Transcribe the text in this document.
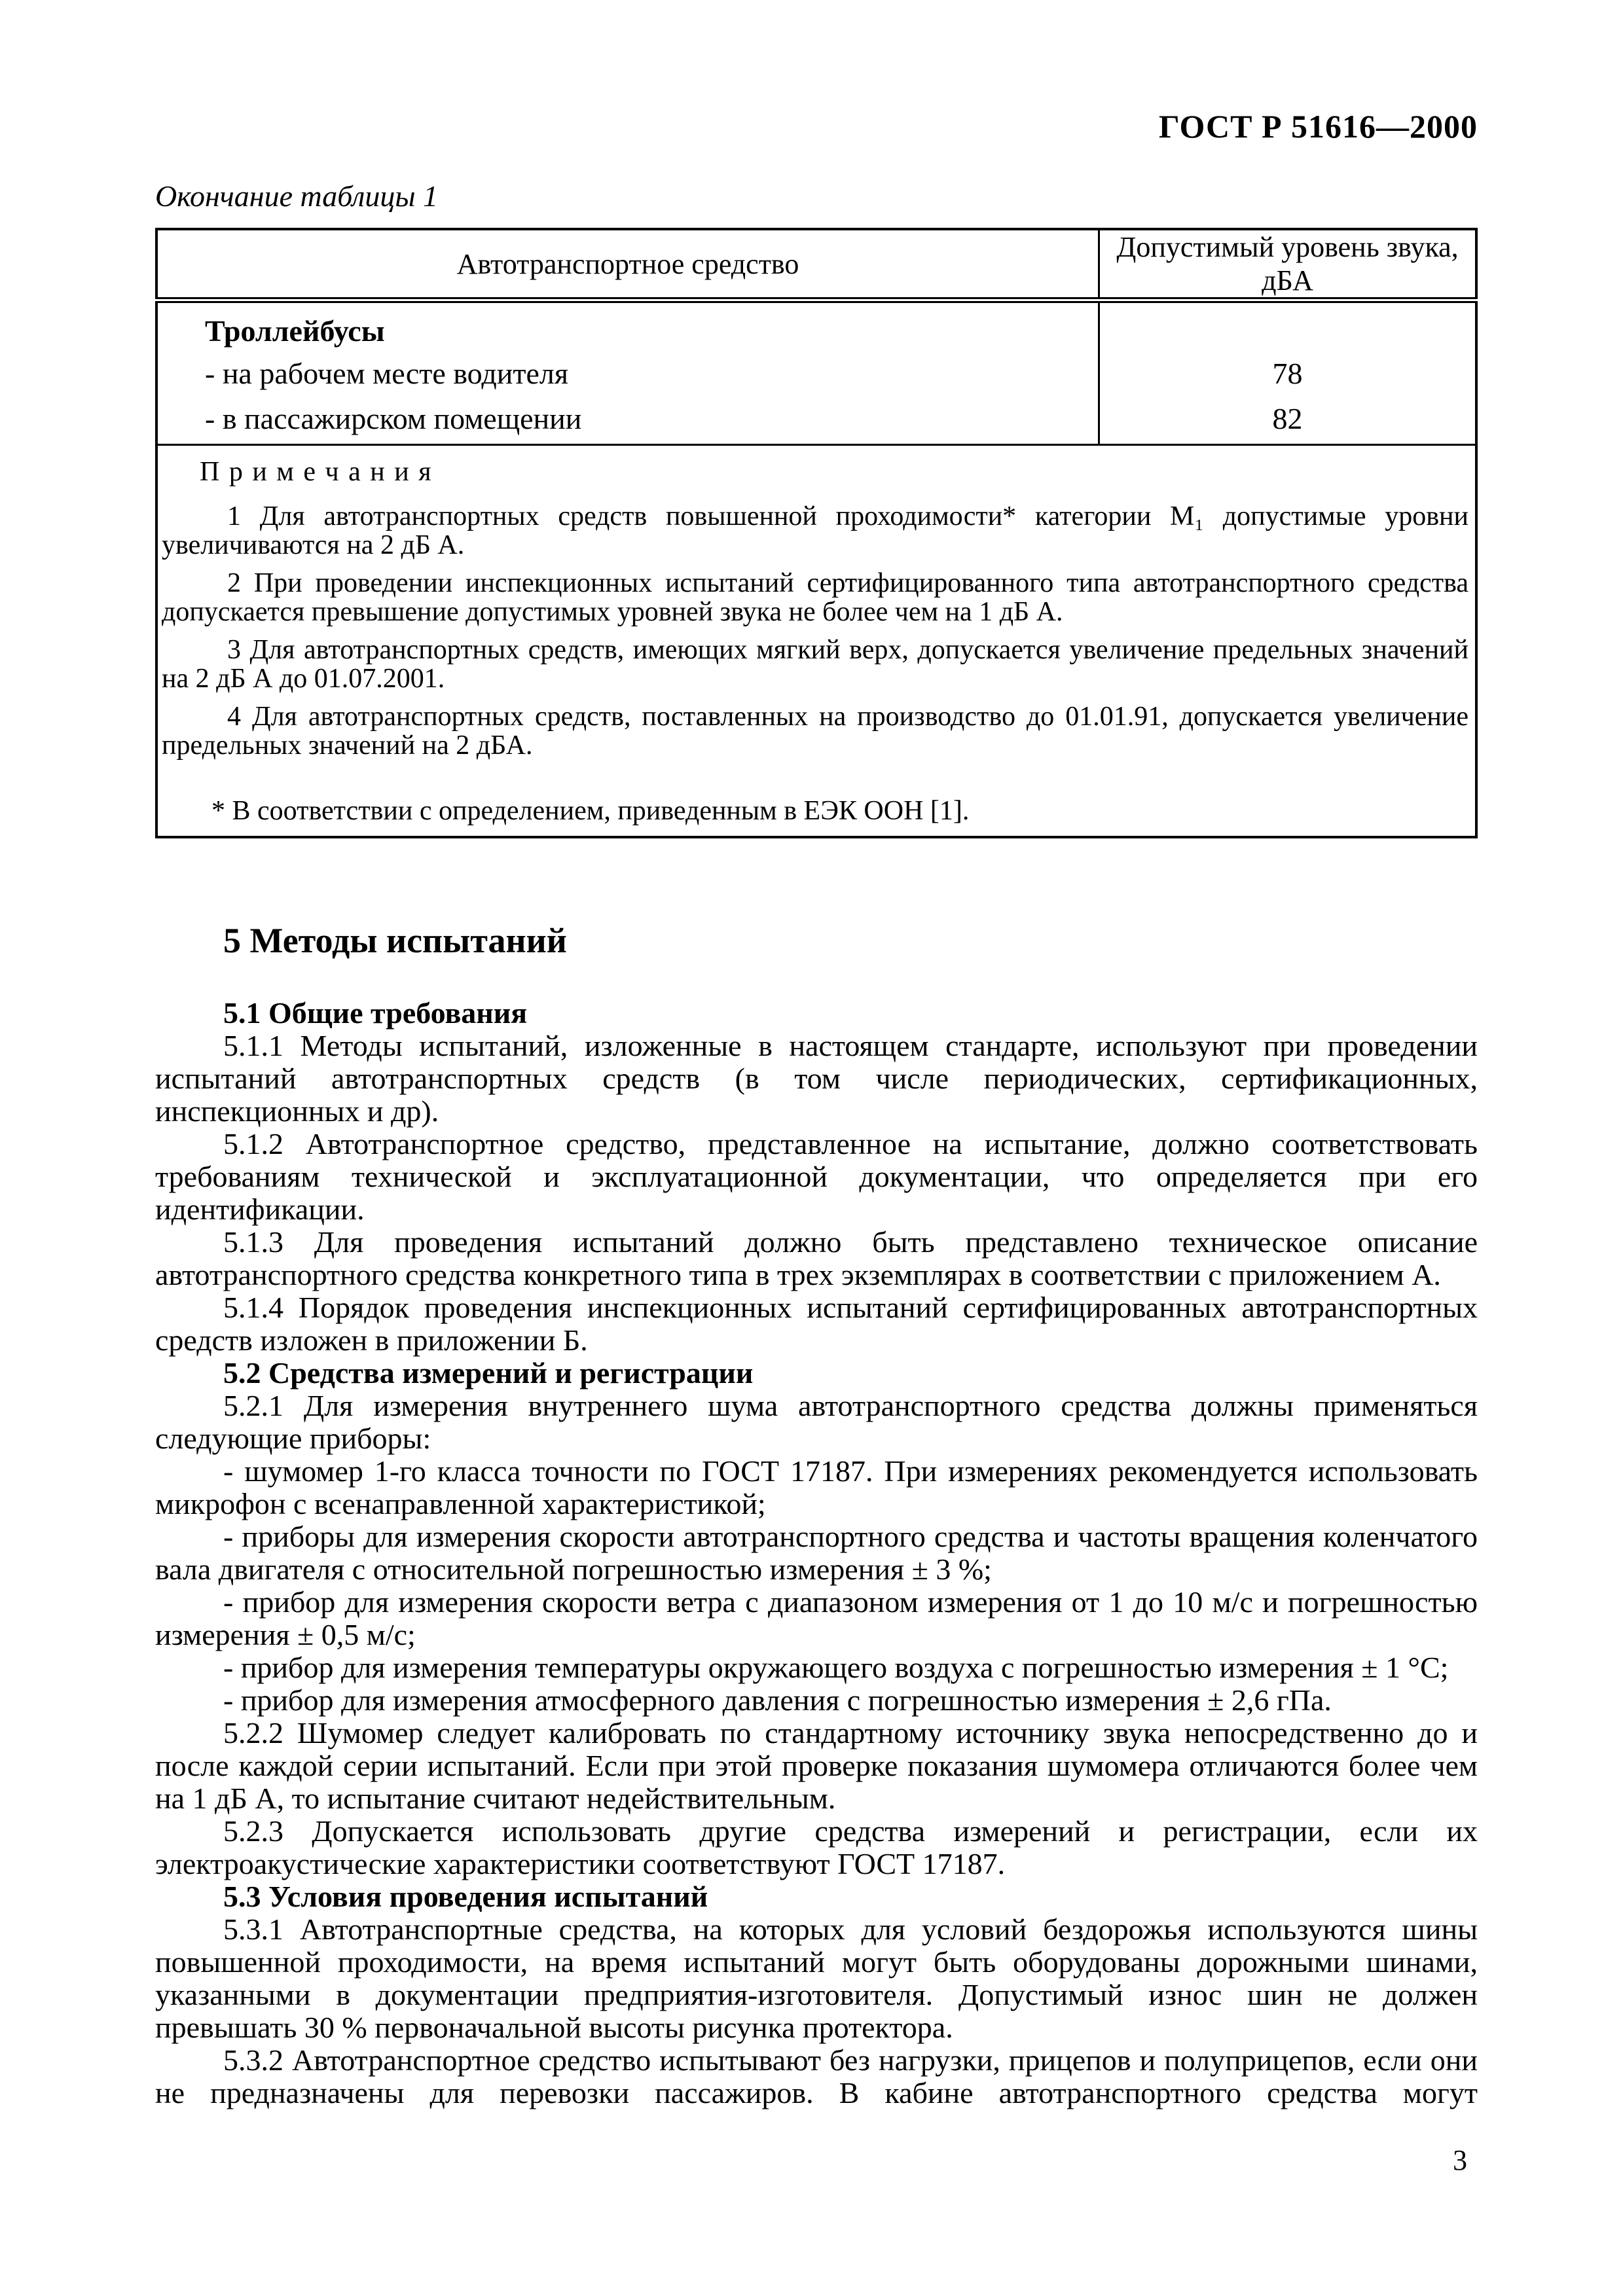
ГОСТ Р 51616—2000
Окончание таблицы 1
Автотранспортное средство	Допустимый уровень звука, дБА
Троллейбусы	
- на рабочем месте водителя	78
- в пассажирском помещении	82

П р и м е ч а н и я

1 Для автотранспортных средств повышенной проходимости* категории М₁ допустимые уровни увеличиваются на 2 дБ А.

2 При проведении инспекционных испытаний сертифицированного типа автотранспортного средства допускается превышение допустимых уровней звука не более чем на 1 дБ А.

3 Для автотранспортных средств, имеющих мягкий верх, допускается увеличение предельных значений на 2 дБ А до 01.07.2001.

4 Для автотранспортных средств, поставленных на производство до 01.01.91, допускается увеличение предельных значений на 2 дБА.

* В соответствии с определением, приведенным в ЕЭК ООН [1].

5 Методы испытаний
5.1 Общие требования

5.1.1 Методы испытаний, изложенные в настоящем стандарте, используют при проведении испытаний автотранспортных средств (в том числе периодических, сертификационных, инспекционных и др).

5.1.2 Автотранспортное средство, представленное на испытание, должно соответствовать требованиям технической и эксплуатационной документации, что определяется при его идентификации.

5.1.3 Для проведения испытаний должно быть представлено техническое описание автотранспортного средства конкретного типа в трех экземплярах в соответствии с приложением А.

5.1.4 Порядок проведения инспекционных испытаний сертифицированных автотранспортных средств изложен в приложении Б.

5.2 Средства измерений и регистрации

5.2.1 Для измерения внутреннего шума автотранспортного средства должны применяться следующие приборы:

- шумомер 1-го класса точности по ГОСТ 17187. При измерениях рекомендуется использовать микрофон с всенаправленной характеристикой;

- приборы для измерения скорости автотранспортного средства и частоты вращения коленчатого вала двигателя с относительной погрешностью измерения ± 3 %;

- прибор для измерения скорости ветра с диапазоном измерения от 1 до 10 м/с и погрешностью измерения ± 0,5 м/с;

- прибор для измерения температуры окружающего воздуха с погрешностью измерения ± 1 °С;

- прибор для измерения атмосферного давления с погрешностью измерения ± 2,6 гПа.

5.2.2 Шумомер следует калибровать по стандартному источнику звука непосредственно до и после каждой серии испытаний. Если при этой проверке показания шумомера отличаются более чем на 1 дБ А, то испытание считают недействительным.

5.2.3 Допускается использовать другие средства измерений и регистрации, если их электроакустические характеристики соответствуют ГОСТ 17187.

5.3 Условия проведения испытаний

5.3.1 Автотранспортные средства, на которых для условий бездорожья используются шины повышенной проходимости, на время испытаний могут быть оборудованы дорожными шинами, указанными в документации предприятия-изготовителя. Допустимый износ шин не должен превышать 30 % первоначальной высоты рисунка протектора.

5.3.2 Автотранспортное средство испытывают без нагрузки, прицепов и полуприцепов, если они не предназначены для перевозки пассажиров. В кабине автотранспортного средства могут

3
